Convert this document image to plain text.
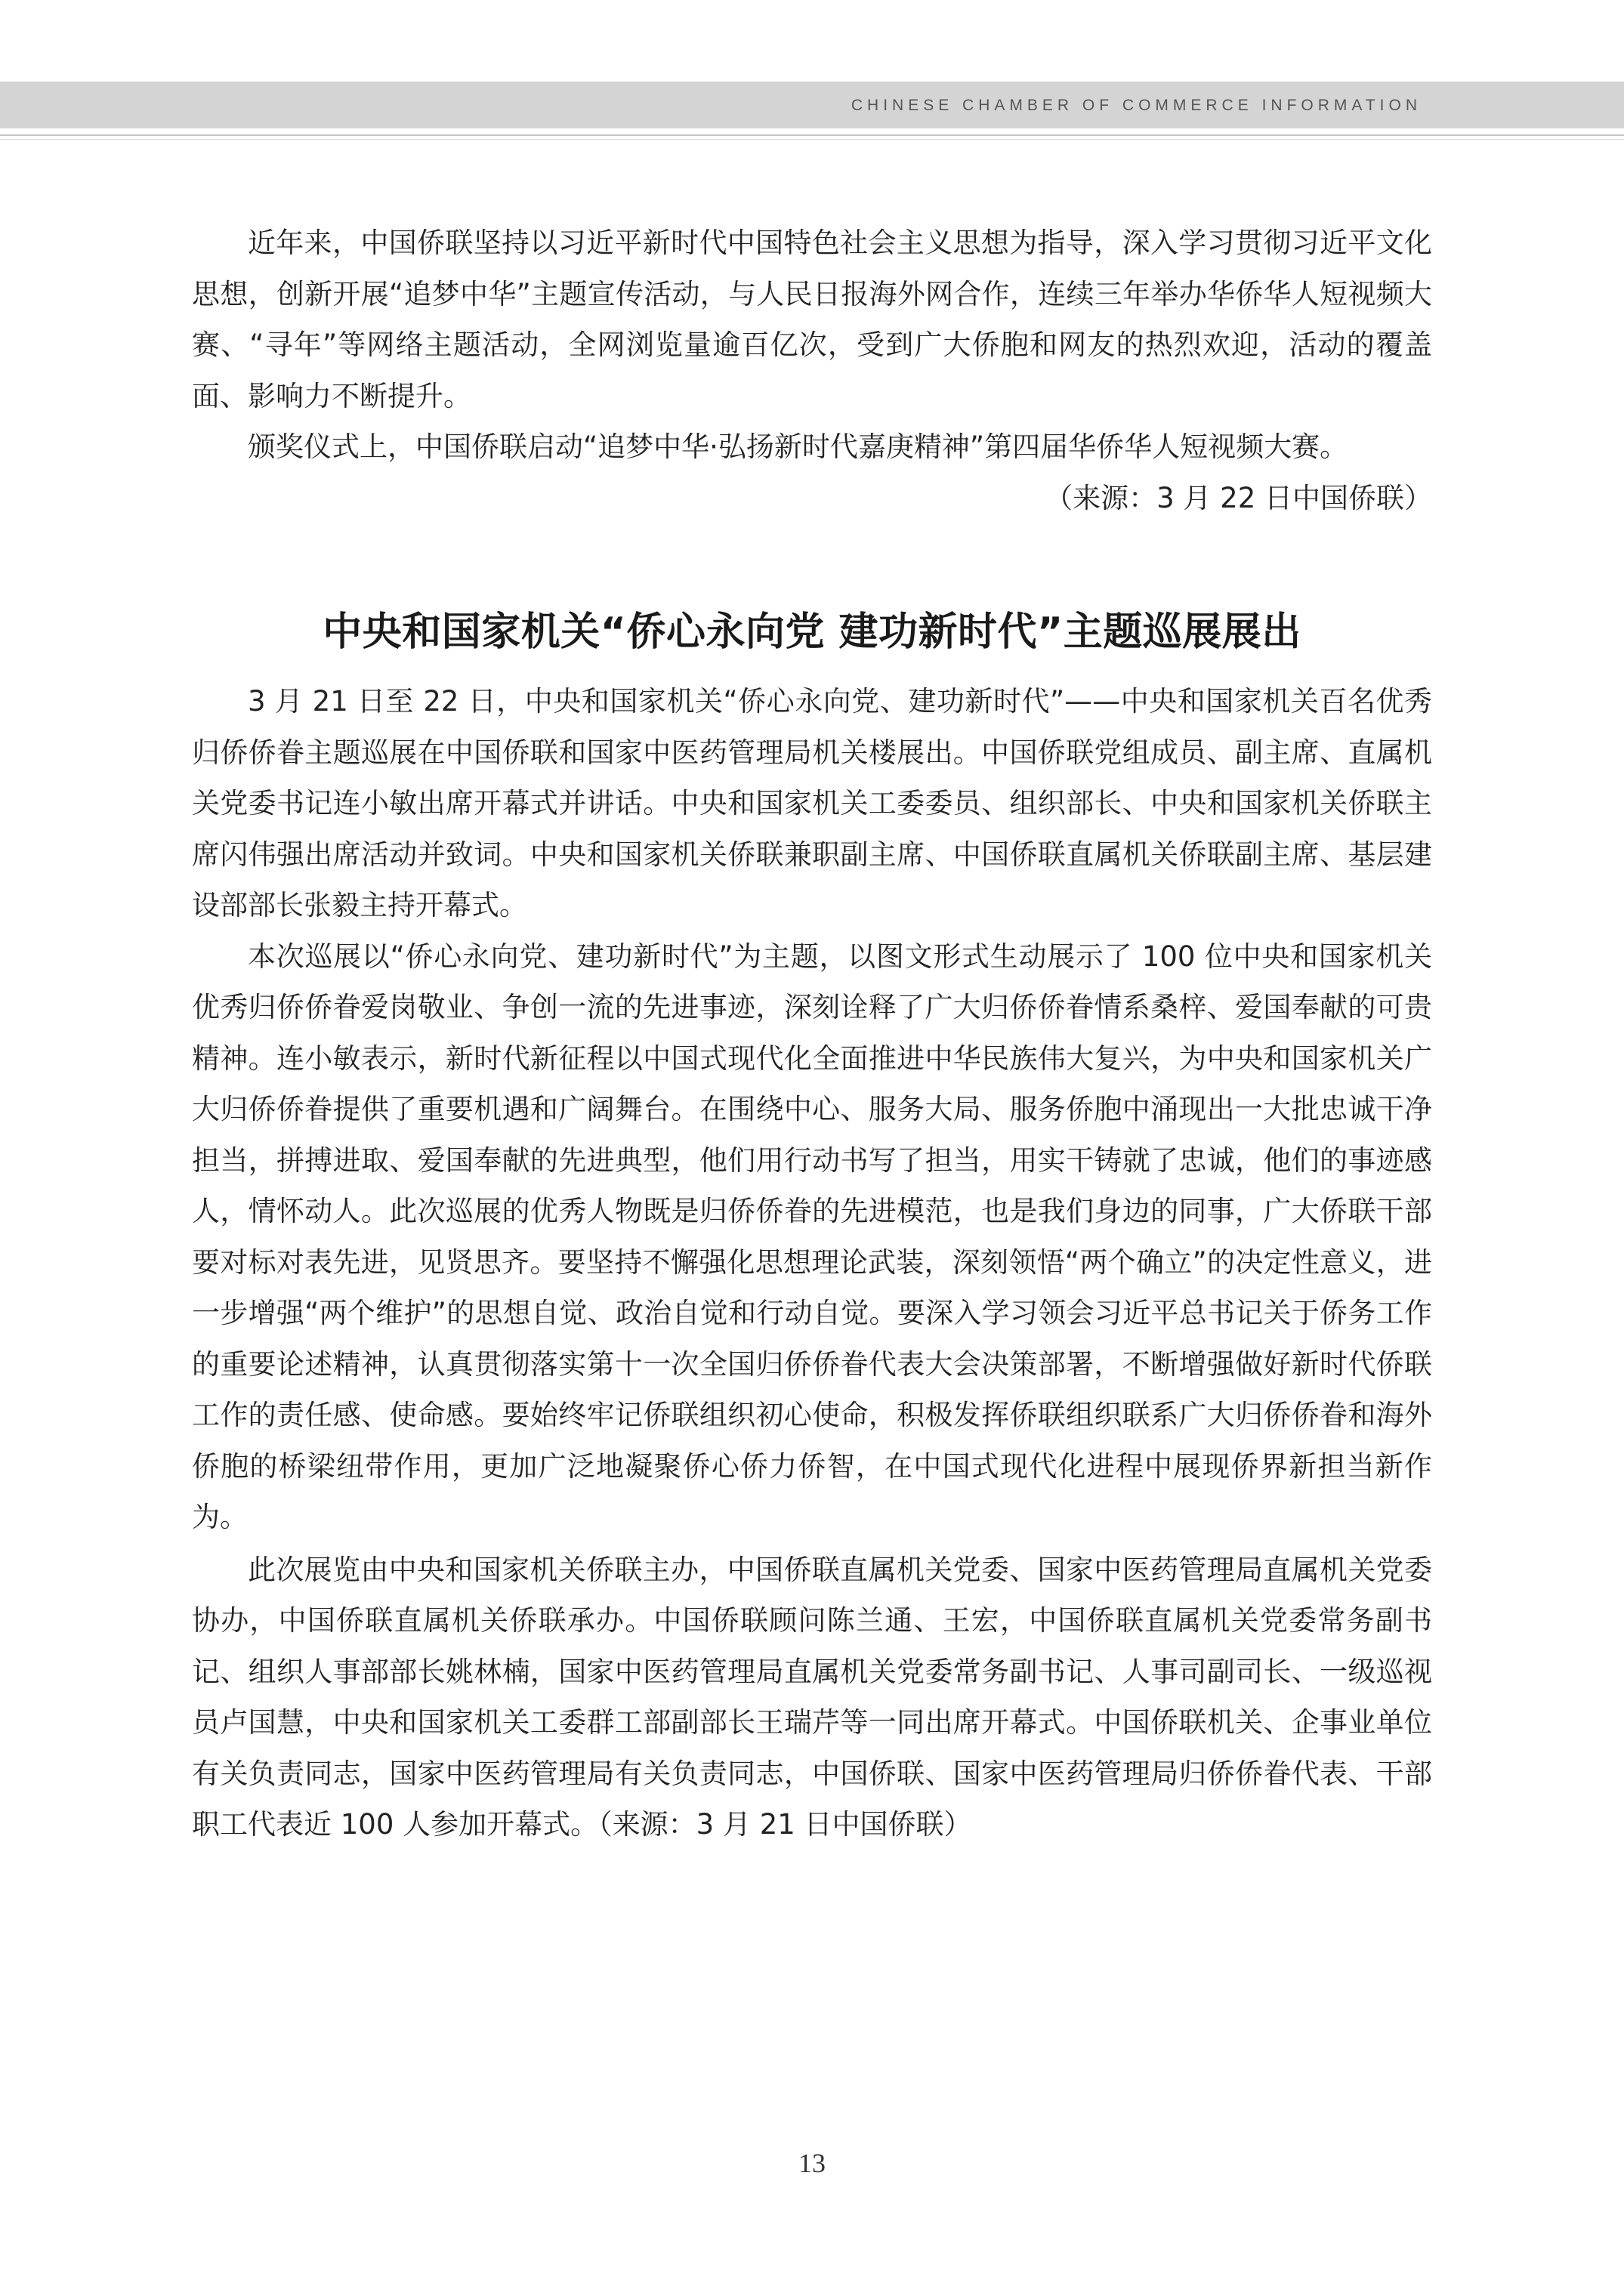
CHINESE CHAMBER OF COMMERCE INFORMATION

近年来，中国侨联坚持以习近平新时代中国特色社会主义思想为指导，深入学习贯彻习近平文化思想，创新开展“追梦中华”主题宣传活动，与人民日报海外网合作，连续三年举办华侨华人短视频大赛、“寻年”等网络主题活动，全网浏览量逾百亿次，受到广大侨胞和网友的热烈欢迎，活动的覆盖面、影响力不断提升。

颁奖仪式上，中国侨联启动“追梦中华·弘扬新时代嘉庚精神”第四届华侨华人短视频大赛。

（来源：3 月 22 日中国侨联）

中央和国家机关“侨心永向党 建功新时代”主题巡展展出

3 月 21 日至 22 日，中央和国家机关“侨心永向党、建功新时代”——中央和国家机关百名优秀归侨侨眷主题巡展在中国侨联和国家中医药管理局机关楼展出。中国侨联党组成员、副主席、直属机关党委书记连小敏出席开幕式并讲话。中央和国家机关工委委员、组织部长、中央和国家机关侨联主席闪伟强出席活动并致词。中央和国家机关侨联兼职副主席、中国侨联直属机关侨联副主席、基层建设部部长张毅主持开幕式。

本次巡展以“侨心永向党、建功新时代”为主题，以图文形式生动展示了 100 位中央和国家机关优秀归侨侨眷爱岗敬业、争创一流的先进事迹，深刻诠释了广大归侨侨眷情系桑梓、爱国奉献的可贵精神。连小敏表示，新时代新征程以中国式现代化全面推进中华民族伟大复兴，为中央和国家机关广大归侨侨眷提供了重要机遇和广阔舞台。在围绕中心、服务大局、服务侨胞中涌现出一大批忠诚干净担当，拼搏进取、爱国奉献的先进典型，他们用行动书写了担当，用实干铸就了忠诚，他们的事迹感人，情怀动人。此次巡展的优秀人物既是归侨侨眷的先进模范，也是我们身边的同事，广大侨联干部要对标对表先进，见贤思齐。要坚持不懈强化思想理论武装，深刻领悟“两个确立”的决定性意义，进一步增强“两个维护”的思想自觉、政治自觉和行动自觉。要深入学习领会习近平总书记关于侨务工作的重要论述精神，认真贯彻落实第十一次全国归侨侨眷代表大会决策部署，不断增强做好新时代侨联工作的责任感、使命感。要始终牢记侨联组织初心使命，积极发挥侨联组织联系广大归侨侨眷和海外侨胞的桥梁纽带作用，更加广泛地凝聚侨心侨力侨智，在中国式现代化进程中展现侨界新担当新作为。

此次展览由中央和国家机关侨联主办，中国侨联直属机关党委、国家中医药管理局直属机关党委协办，中国侨联直属机关侨联承办。中国侨联顾问陈兰通、王宏，中国侨联直属机关党委常务副书记、组织人事部部长姚林楠，国家中医药管理局直属机关党委常务副书记、人事司副司长、一级巡视员卢国慧，中央和国家机关工委群工部副部长王瑞芹等一同出席开幕式。中国侨联机关、企事业单位有关负责同志，国家中医药管理局有关负责同志，中国侨联、国家中医药管理局归侨侨眷代表、干部职工代表近 100 人参加开幕式。（来源：3 月 21 日中国侨联）

13
